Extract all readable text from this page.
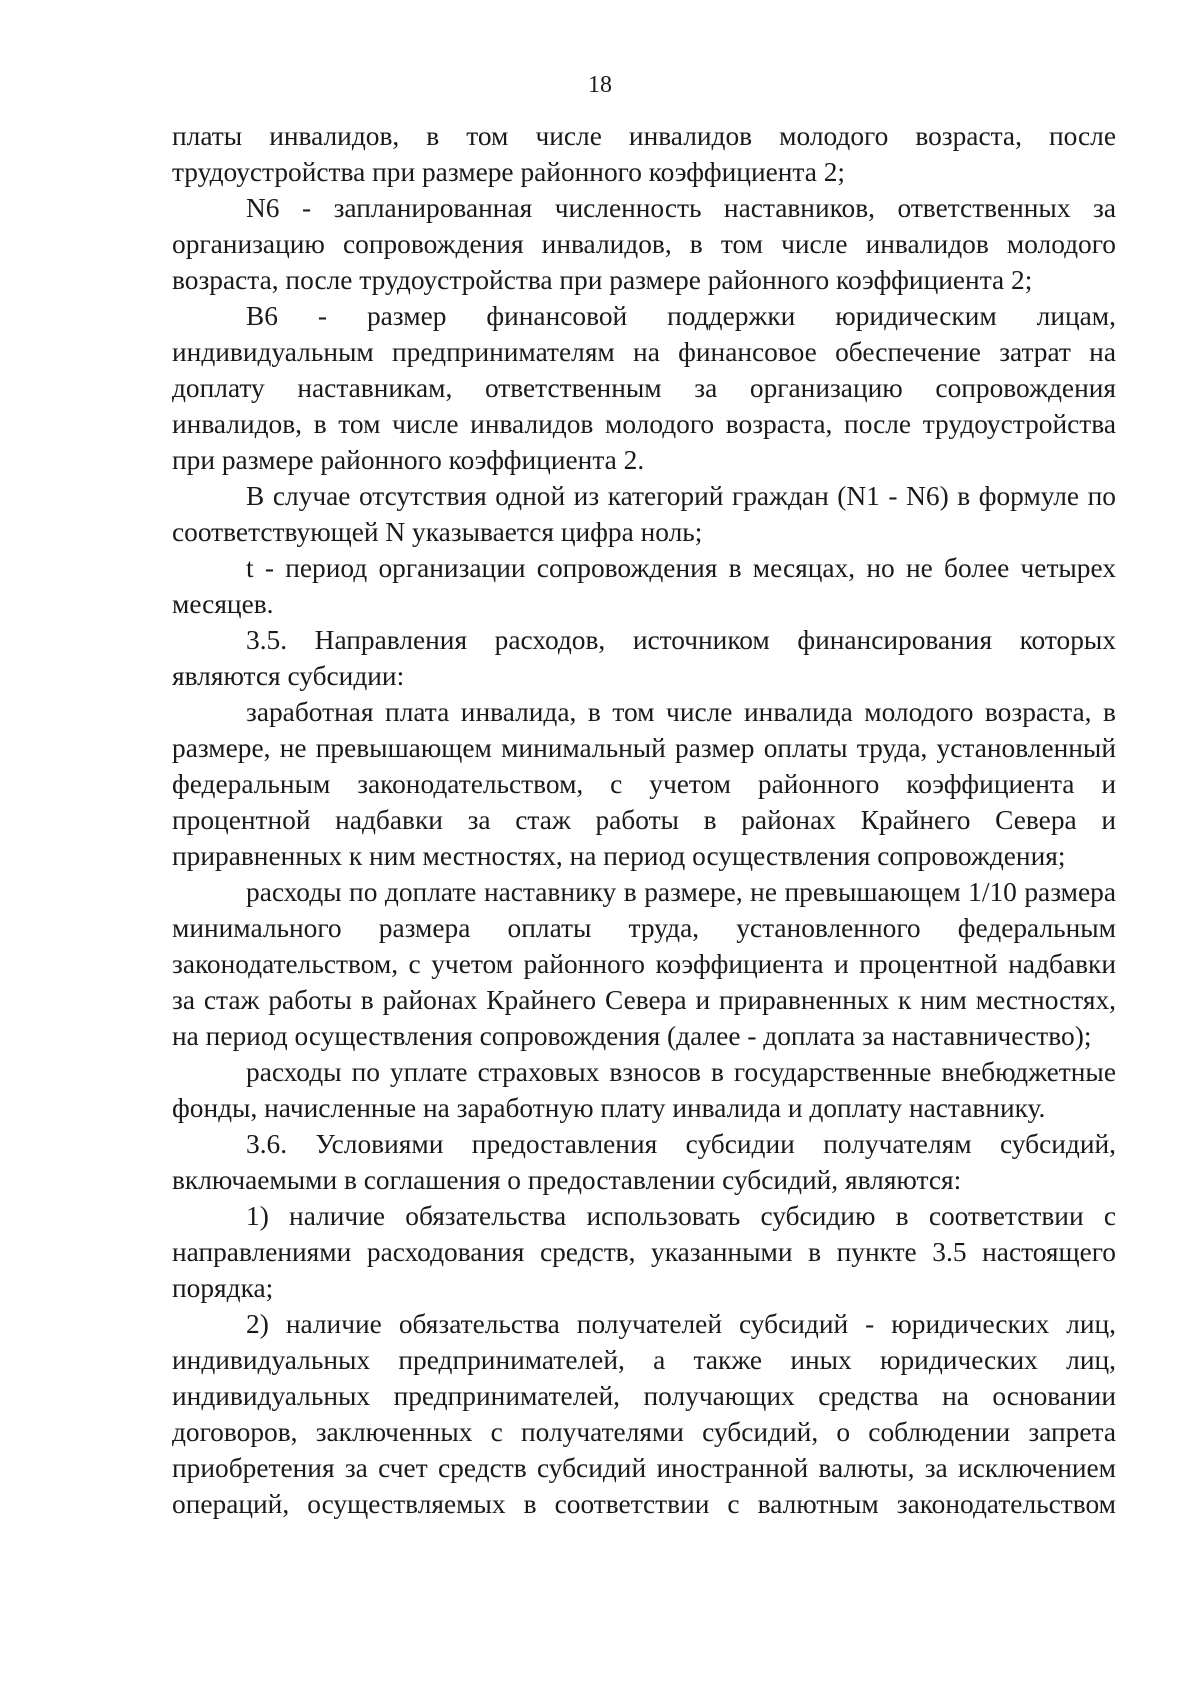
18

платы инвалидов, в том числе инвалидов молодого возраста, после трудоустройства при размере районного коэффициента 2;

N6 - запланированная численность наставников, ответственных за организацию сопровождения инвалидов, в том числе инвалидов молодого возраста, после трудоустройства при размере районного коэффициента 2;

B6 - размер финансовой поддержки юридическим лицам, индивидуальным предпринимателям на финансовое обеспечение затрат на доплату наставникам, ответственным за организацию сопровождения инвалидов, в том числе инвалидов молодого возраста, после трудоустройства при размере районного коэффициента 2.

В случае отсутствия одной из категорий граждан (N1 - N6) в формуле по соответствующей N указывается цифра ноль;

t - период организации сопровождения в месяцах, но не более четырех месяцев.

3.5. Направления расходов, источником финансирования которых являются субсидии:

заработная плата инвалида, в том числе инвалида молодого возраста, в размере, не превышающем минимальный размер оплаты труда, установленный федеральным законодательством, с учетом районного коэффициента и процентной надбавки за стаж работы в районах Крайнего Севера и приравненных к ним местностях, на период осуществления сопровождения;

расходы по доплате наставнику в размере, не превышающем 1/10 размера минимального размера оплаты труда, установленного федеральным законодательством, с учетом районного коэффициента и процентной надбавки за стаж работы в районах Крайнего Севера и приравненных к ним местностях, на период осуществления сопровождения (далее - доплата за наставничество);

расходы по уплате страховых взносов в государственные внебюджетные фонды, начисленные на заработную плату инвалида и доплату наставнику.

3.6. Условиями предоставления субсидии получателям субсидий, включаемыми в соглашения о предоставлении субсидий, являются:

1) наличие обязательства использовать субсидию в соответствии с направлениями расходования средств, указанными в пункте 3.5 настоящего порядка;

2) наличие обязательства получателей субсидий - юридических лиц, индивидуальных предпринимателей, а также иных юридических лиц, индивидуальных предпринимателей, получающих средства на основании договоров, заключенных с получателями субсидий, о соблюдении запрета приобретения за счет средств субсидий иностранной валюты, за исключением операций, осуществляемых в соответствии с валютным законодательством
